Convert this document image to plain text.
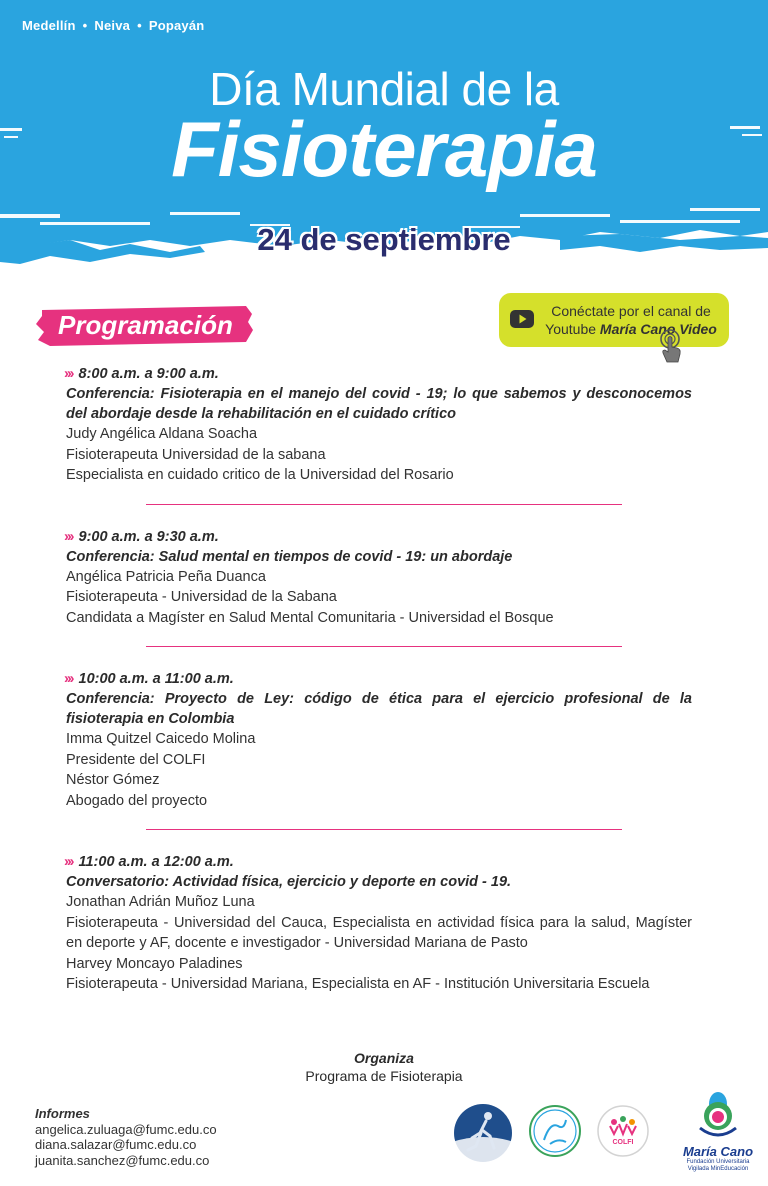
Medellín • Neiva • Popayán

Día Mundial de la
Fisioterapia
24 de septiembre
Programación	Conéctate por el canal de
Youtube María Cano Video
››› 8:00 a.m. a 9:00 a.m.
Conferencia: Fisioterapia en el manejo del covid - 19; lo que sabemos y desconocemos del abordaje desde la rehabilitación en el cuidado crítico
Judy Angélica Aldana Soacha
Fisioterapeuta Universidad de la sabana
Especialista en cuidado critico de la Universidad del Rosario
››› 9:00 a.m. a 9:30 a.m.
Conferencia: Salud mental en tiempos de covid - 19: un abordaje
Angélica Patricia Peña Duanca
Fisioterapeuta - Universidad de la Sabana
Candidata a Magíster en Salud Mental Comunitaria - Universidad el Bosque
››› 10:00 a.m. a 11:00 a.m.
Conferencia: Proyecto de Ley: código de ética para el ejercicio profesional de la fisioterapia en Colombia
Imma Quitzel Caicedo Molina
Presidente del COLFI
Néstor Gómez
Abogado del proyecto
››› 11:00 a.m. a 12:00 a.m.
Conversatorio: Actividad física, ejercicio y deporte en covid - 19.
Jonathan Adrián Muñoz Luna
Fisioterapeuta - Universidad del Cauca, Especialista en actividad física para la salud, Magíster en deporte y AF, docente e investigador - Universidad Mariana de Pasto
Harvey Moncayo Paladines
Fisioterapeuta - Universidad Mariana, Especialista en AF - Institución Universitaria Escuela
Organiza
Programa de Fisioterapia
Informes
angelica.zuluaga@fumc.edu.co
diana.salazar@fumc.edu.co
juanita.sanchez@fumc.edu.co
COLFI
María Cano
Fundación Universitaria
Vigilada MinEducación
